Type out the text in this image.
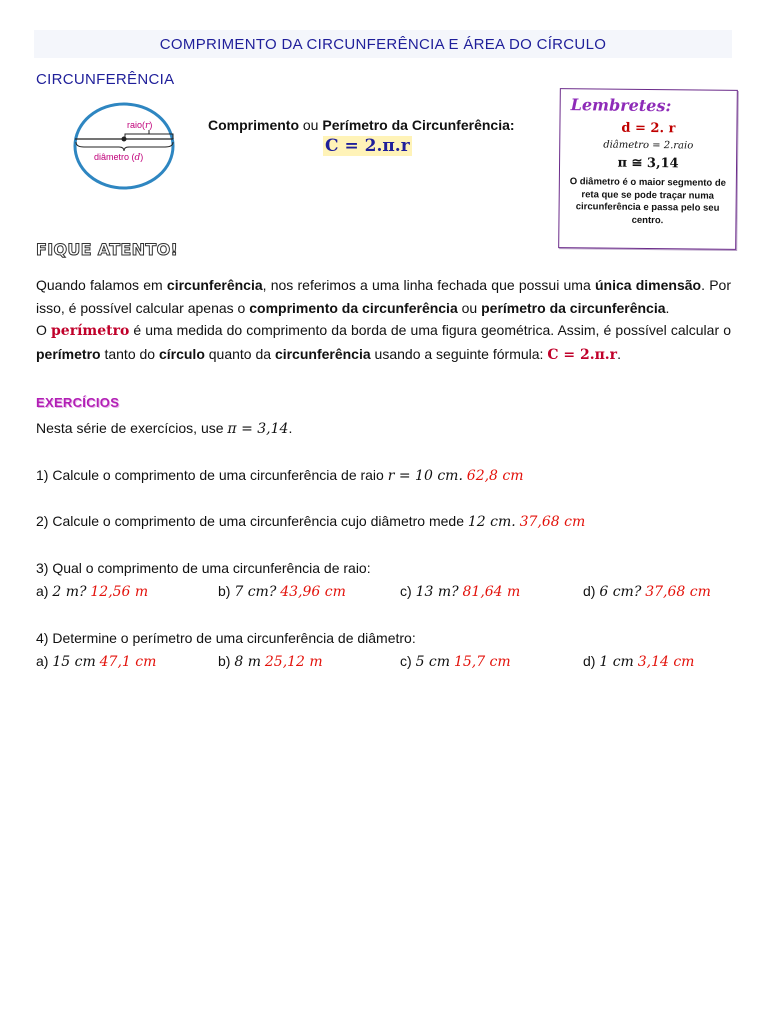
COMPRIMENTO DA CIRCUNFERÊNCIA E ÁREA DO CÍRCULO
CIRCUNFERÊNCIA
raio(r)
diâmetro (d)
Comprimento ou Perímetro da Circunferência:
C = 2.π.r
Lembretes:
d = 2. r
diâmetro = 2.raio
π ≅ 3,14
O diâmetro é o maior segmento de reta que se pode traçar numa circunferência e passa pelo seu centro.
FIQUE ATENTO!
Quando falamos em circunferência, nos referimos a uma linha fechada que possui uma única dimensão. Por isso, é possível calcular apenas o comprimento da circunferência ou perímetro da circunferência.
O perímetro é uma medida do comprimento da borda de uma figura geométrica. Assim, é possível calcular o perímetro tanto do círculo quanto da circunferência usando a seguinte fórmula: C = 2.π.r.
EXERCÍCIOS
Nesta série de exercícios, use π = 3,14.
1) Calcule o comprimento de uma circunferência de raio r = 10 cm. 62,8 cm
2) Calcule o comprimento de uma circunferência cujo diâmetro mede 12 cm. 37,68 cm
3) Qual o comprimento de uma circunferência de raio:
a) 2 m? 12,56 m	b) 7 cm? 43,96 cm	c) 13 m? 81,64 m	d) 6 cm? 37,68 cm
4) Determine o perímetro de uma circunferência de diâmetro:
a) 15 cm 47,1 cm	b) 8 m 25,12 m	c) 5 cm 15,7 cm	d) 1 cm 3,14 cm
